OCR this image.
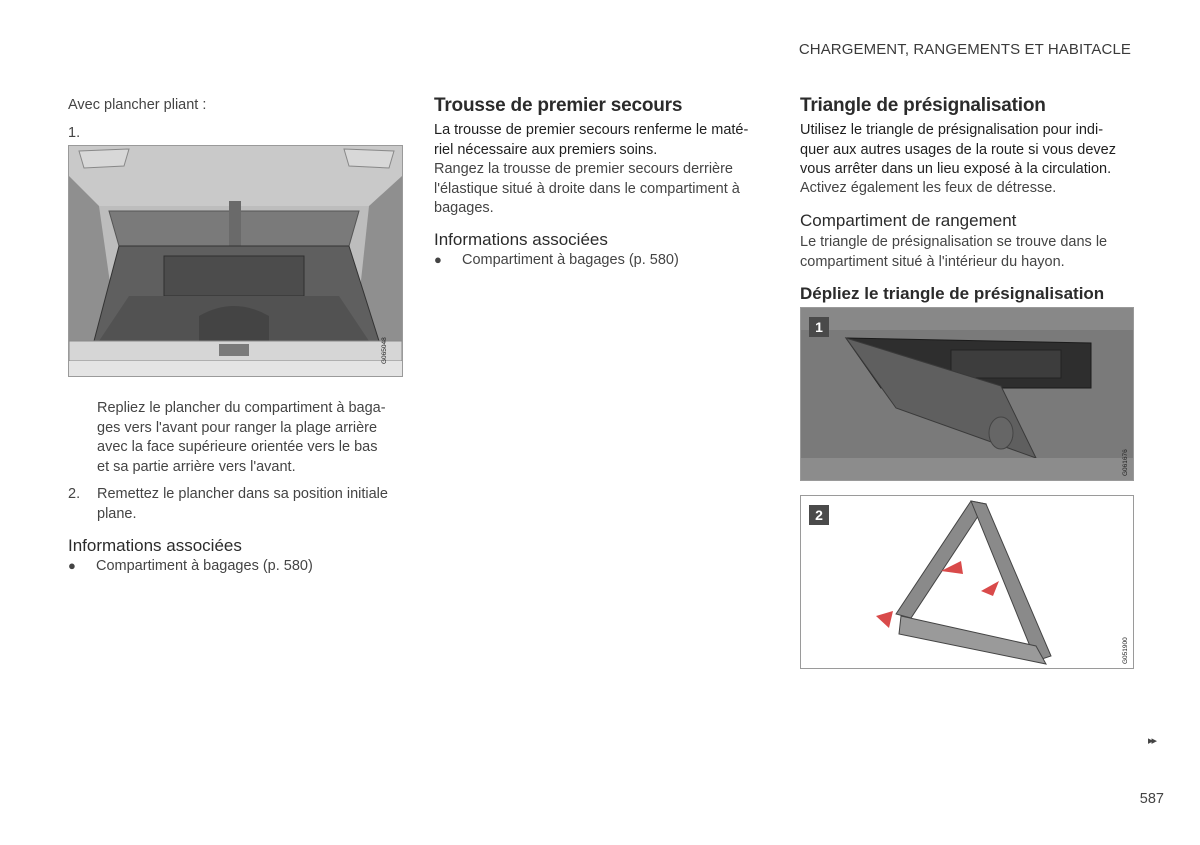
CHARGEMENT, RANGEMENTS ET HABITACLE
Avec plancher pliant :
1.
G065048
Repliez le plancher du compartiment à baga-
ges vers l'avant pour ranger la plage arrière
avec la face supérieure orientée vers le bas
et sa partie arrière vers l'avant.
2. Remettez le plancher dans sa position initiale
plane.
Informations associées
● Compartiment à bagages (p. 580)
Trousse de premier secours
La trousse de premier secours renferme le maté-
riel nécessaire aux premiers soins.
Rangez la trousse de premier secours derrière
l'élastique situé à droite dans le compartiment à
bagages.
Informations associées
● Compartiment à bagages (p. 580)
Triangle de présignalisation
Utilisez le triangle de présignalisation pour indi-
quer aux autres usages de la route si vous devez
vous arrêter dans un lieu exposé à la circulation.
Activez également les feux de détresse.
Compartiment de rangement
Le triangle de présignalisation se trouve dans le
compartiment situé à l'intérieur du hayon.
Dépliez le triangle de présignalisation
1
G061676
2
G051900
▸▸
587
